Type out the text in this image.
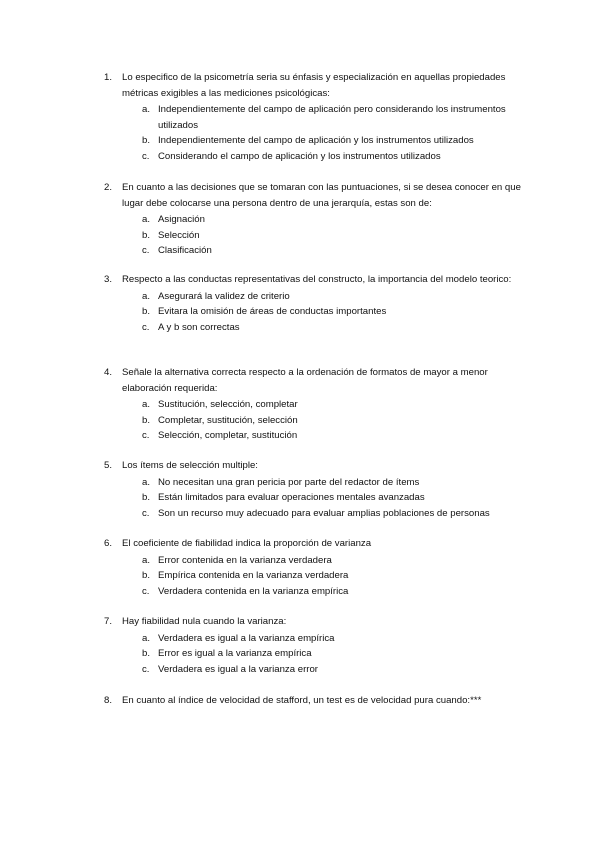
1.	Lo especifico de la psicometría seria su énfasis y especialización en aquellas propiedades métricas exigibles a las mediciones psicológicas:
a. Independientemente del campo de aplicación pero considerando los instrumentos utilizados
b. Independientemente del campo de aplicación y los instrumentos utilizados
c. Considerando el campo de aplicación y los instrumentos utilizados
2.	En cuanto a las decisiones que se tomaran con las puntuaciones, si se desea conocer en que lugar debe colocarse una persona dentro de una jerarquía, estas son de:
a. Asignación
b. Selección
c. Clasificación
3.	Respecto a las conductas representativas del constructo, la importancia del modelo teorico:
a. Asegurará la validez de criterio
b. Evitara la omisión de áreas de conductas importantes
c. A y b son correctas
4.	Señale la alternativa correcta respecto a la ordenación de formatos de mayor a menor elaboración requerida:
a. Sustitución, selección, completar
b. Completar, sustitución, selección
c. Selección, completar, sustitución
5.	Los ítems de selección multiple:
a. No necesitan una gran pericia por parte del redactor de ítems
b. Están limitados para evaluar operaciones mentales avanzadas
c. Son un recurso muy adecuado para evaluar amplias poblaciones de personas
6.	El coeficiente de fiabilidad indica la proporción de varianza
a. Error contenida en la varianza verdadera
b. Empírica contenida en la varianza verdadera
c. Verdadera contenida en la varianza empírica
7.	Hay fiabilidad nula cuando la varianza:
a. Verdadera es igual a la varianza empírica
b. Error es igual a la varianza empírica
c. Verdadera es igual a la varianza error
8.	En cuanto al índice de velocidad de stafford, un test es de velocidad pura cuando:***
